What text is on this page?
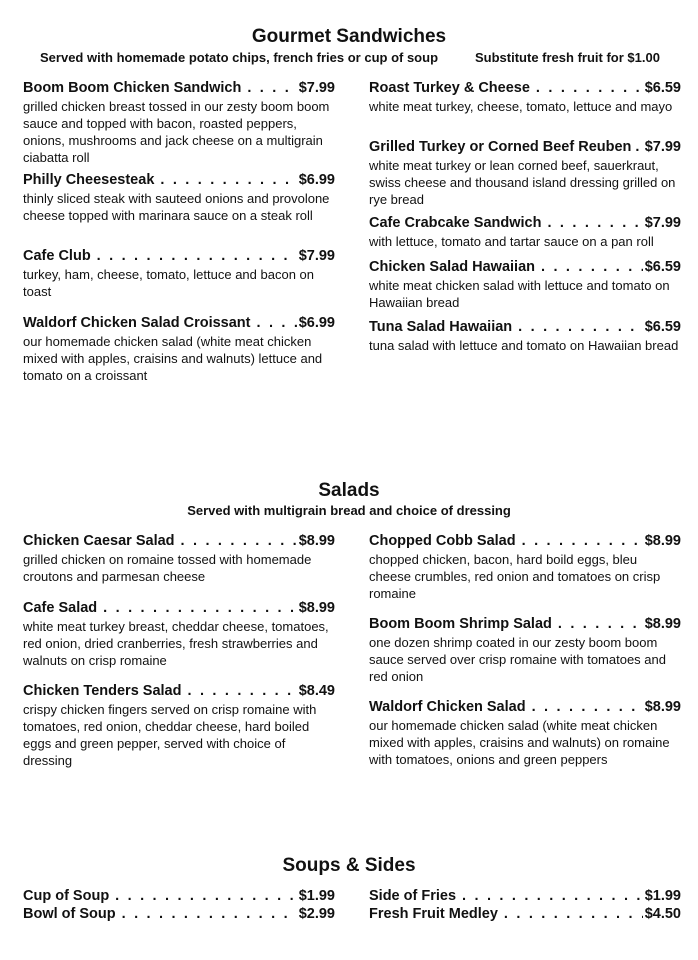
Gourmet Sandwiches
Served with homemade potato chips, french fries or cup of soup	Substitute fresh fruit for $1.00
Boom Boom Chicken Sandwich . . .	$7.99
grilled chicken breast tossed in our zesty boom boom sauce and topped with bacon, roasted peppers, onions, mushrooms and jack cheese on a multigrain ciabatta roll
Philly Cheesesteak . . .	$6.99
thinly sliced steak with sauteed onions and provolone cheese topped with marinara sauce on a steak roll
Cafe Club . . .	$7.99
turkey, ham, cheese, tomato, lettuce and bacon on toast
Waldorf Chicken Salad Croissant . . .	$6.99
our homemade chicken salad (white meat chicken mixed with apples, craisins and walnuts) lettuce and tomato on a croissant
Roast Turkey & Cheese . . .	$6.59
white meat turkey, cheese, tomato, lettuce and mayo
Grilled Turkey or Corned Beef Reuben . . . $7.99
white meat turkey or lean corned beef, sauerkraut, swiss cheese and thousand island dressing grilled on rye bread
Cafe Crabcake Sandwich . . .	$7.99
with lettuce, tomato and tartar sauce on a pan roll
Chicken Salad Hawaiian . . .	$6.59
white meat chicken salad with lettuce and tomato on Hawaiian bread
Tuna Salad Hawaiian . . .	$6.59
tuna salad with lettuce and tomato on Hawaiian bread
Salads
Served with multigrain bread and choice of dressing
Chicken Caesar Salad . . .	$8.99
grilled chicken on romaine tossed with homemade croutons and parmesan cheese
Cafe Salad . . .	$8.99
white meat turkey breast, cheddar cheese, tomatoes, red onion, dried cranberries, fresh strawberries and walnuts on crisp romaine
Chicken Tenders Salad . . .	$8.49
crispy chicken fingers served on crisp romaine with tomatoes, red onion, cheddar cheese, hard boiled eggs and green pepper, served with choice of dressing
Chopped Cobb Salad . . .	$8.99
chopped chicken, bacon, hard boild eggs, bleu cheese crumbles, red onion and tomatoes on crisp romaine
Boom Boom Shrimp Salad . . .	$8.99
one dozen shrimp coated in our zesty boom boom sauce served over crisp romaine with tomatoes and red onion
Waldorf Chicken Salad . . .	$8.99
our homemade chicken salad (white meat chicken mixed with apples, craisins and walnuts) on romaine with tomatoes, onions and green peppers
Soups & Sides
Cup of Soup . . .	$1.99
Bowl of Soup . . .	$2.99
Side of Fries . . .	$1.99
Fresh Fruit Medley . . .	$4.50
